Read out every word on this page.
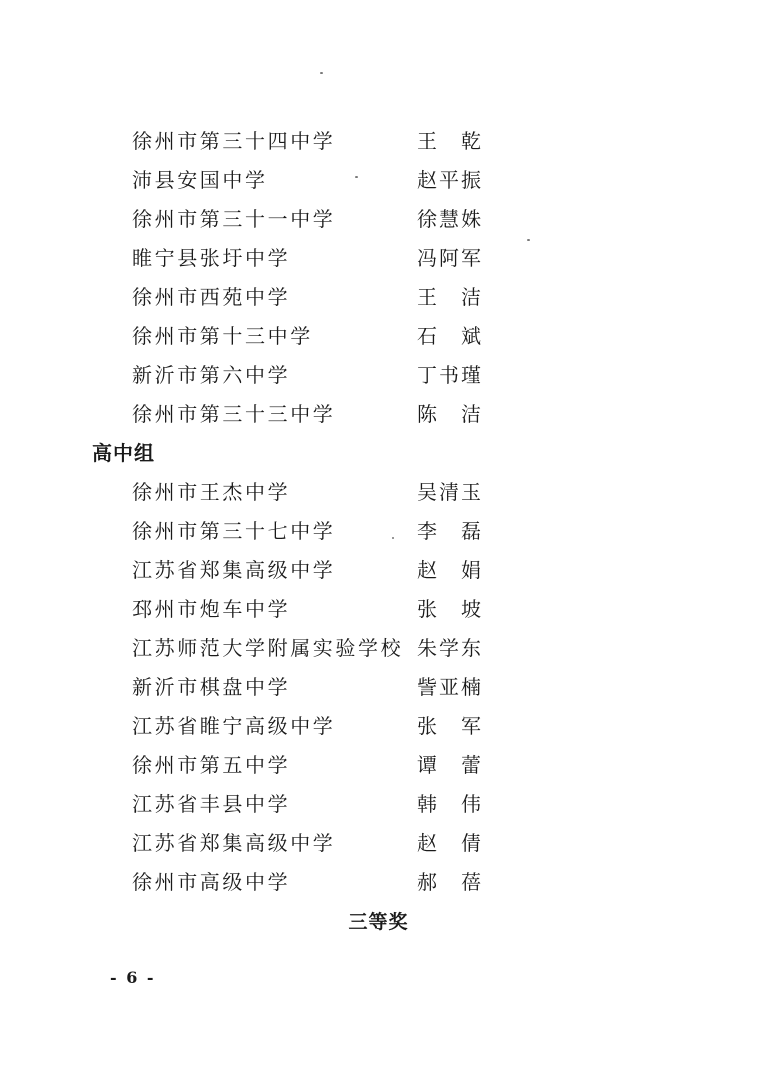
徐州市第三十四中学	王乾
沛县安国中学	赵平振
徐州市第三十一中学	徐慧姝
睢宁县张圩中学	冯阿军
徐州市西苑中学	王洁
徐州市第十三中学	石斌
新沂市第六中学	丁书瑾
徐州市第三十三中学	陈洁
高中组
徐州市王杰中学	吴清玉
徐州市第三十七中学	李磊
江苏省郑集高级中学	赵娟
邳州市炮车中学	张坡
江苏师范大学附属实验学校 朱学东
新沂市棋盘中学	訾亚楠
江苏省睢宁高级中学	张军
徐州市第五中学	谭蕾
江苏省丰县中学	韩伟
江苏省郑集高级中学	赵倩
徐州市高级中学	郝蓓
三等奖
- 6 -
